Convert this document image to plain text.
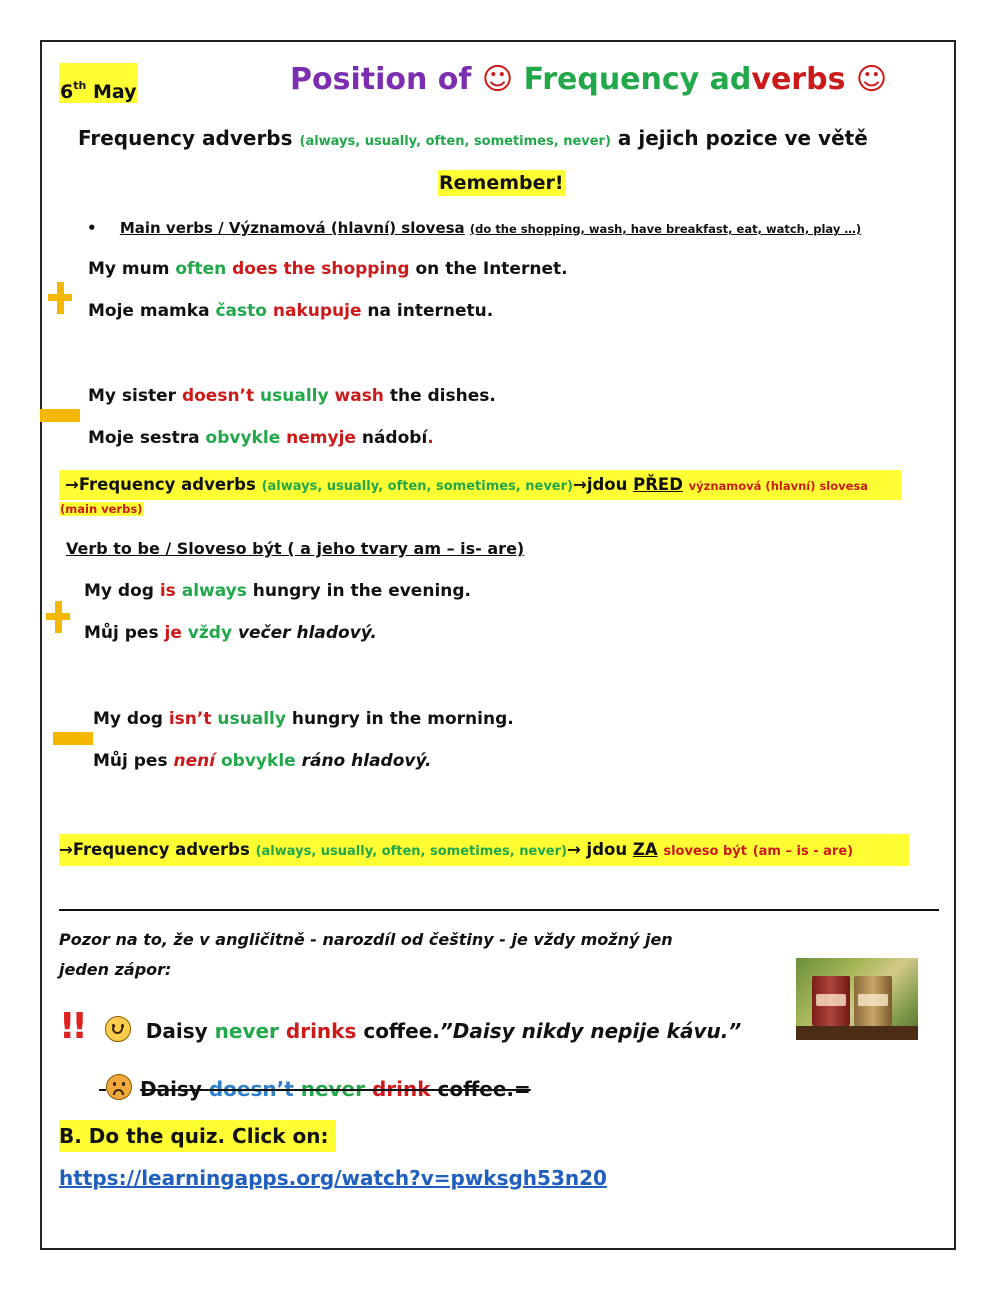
6th May	Position of ☺ Frequency adverbs ☺
Frequency adverbs (always, usually, often, sometimes, never) a jejich pozice ve větě
Remember!
• Main verbs / Významová (hlavní) slovesa (do the shopping, wash, have breakfast, eat, watch, play …)
My mum often does the shopping on the Internet.
Moje mamka často nakupuje na internetu.
My sister doesn’t usually wash the dishes.
Moje sestra obvykle nemyje nádobí.
→Frequency adverbs (always, usually, often, sometimes, never)→jdou PŘED významová (hlavní) slovesa
(main verbs)
Verb to be / Sloveso být ( a jeho tvary am – is- are)
My dog is always hungry in the evening.
Můj pes je vždy večer hladový.
My dog isn’t usually hungry in the morning.
Můj pes není obvykle ráno hladový.
→Frequency adverbs (always, usually, often, sometimes, never)→ jdou ZA sloveso být (am – is - are)
Pozor na to, že v angličitně - narozdíl od češtiny - je vždy možný jen
jeden zápor:
!!	Daisy never drinks coffee.”Daisy nikdy nepije kávu.”

Daisy doesn’t never drink coffee.=
B. Do the quiz. Click on:
https://learningapps.org/watch?v=pwksgh53n20
